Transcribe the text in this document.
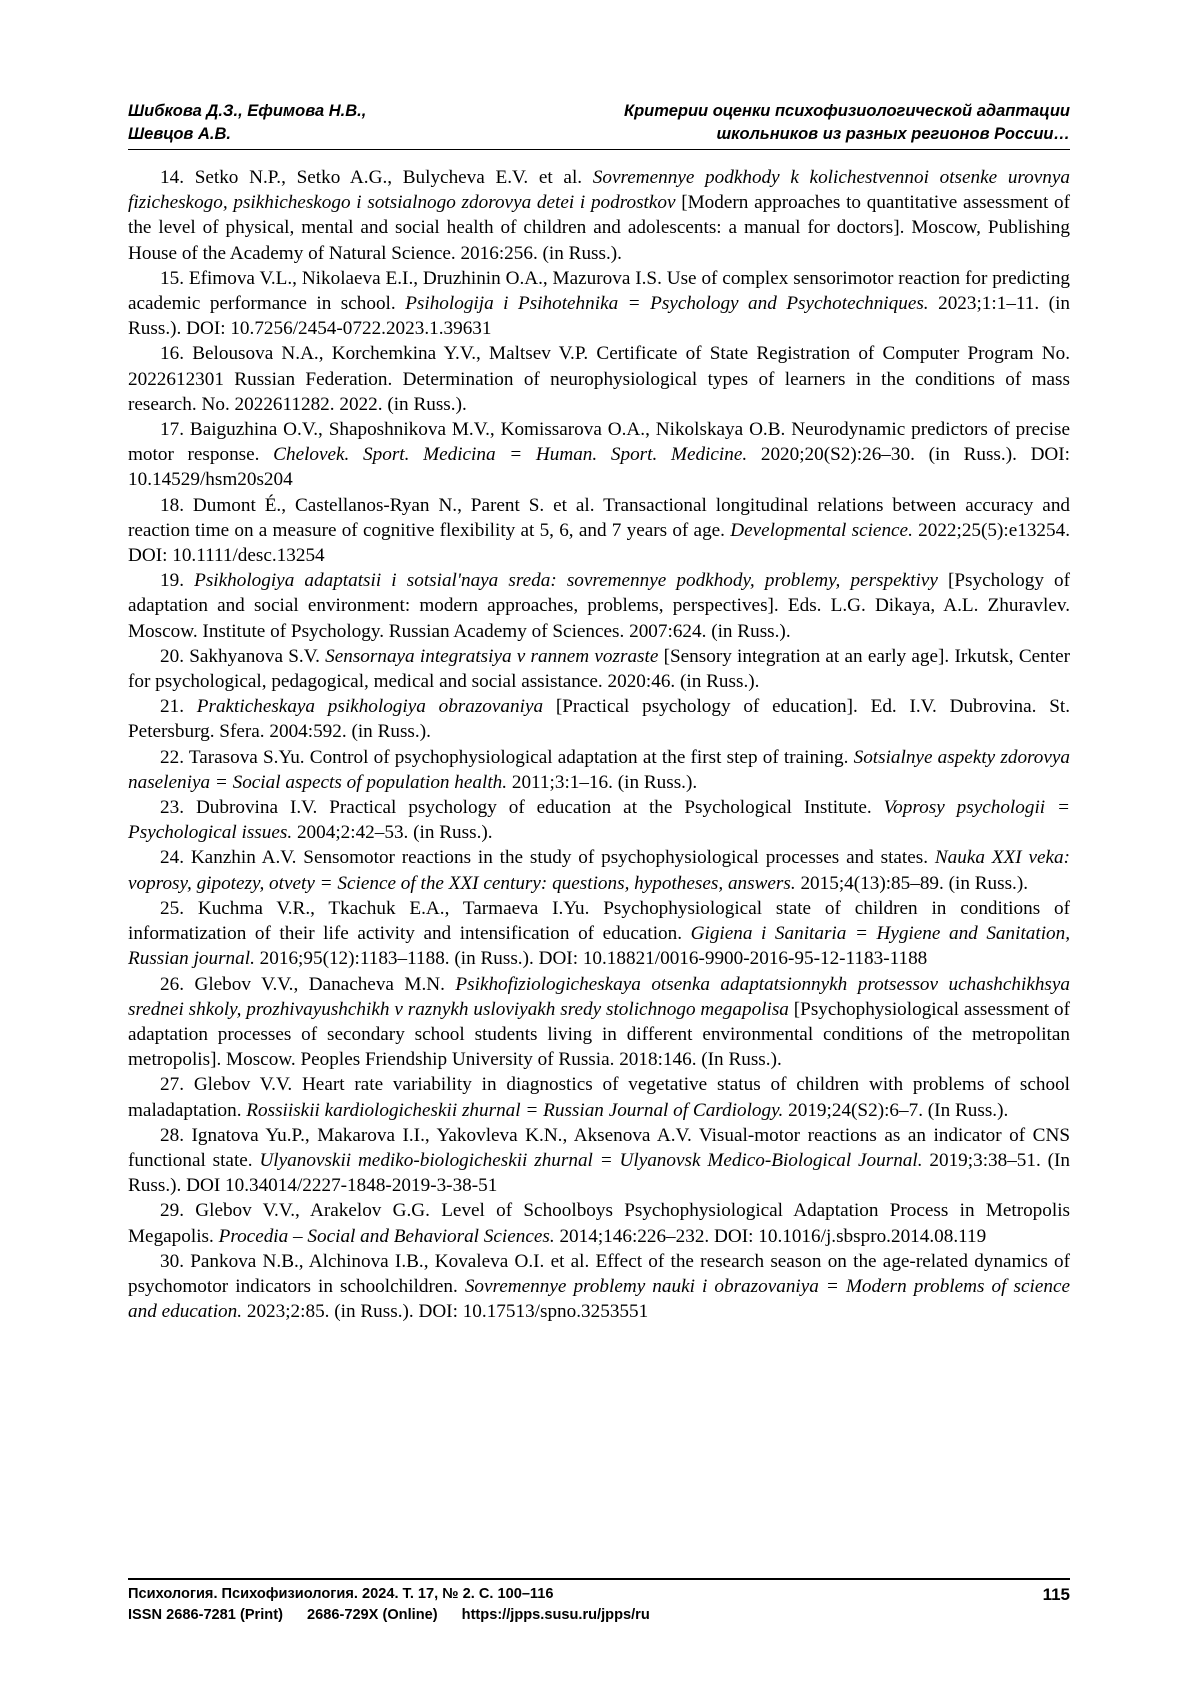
Шибкова Д.З., Ефимова Н.В.,
Шевцов А.В.
Критерии оценки психофизиологической адаптации
школьников из разных регионов России…

14. Setko N.P., Setko A.G., Bulycheva E.V. et al. Sovremennye podkhody k kolichestvennoi otsenke urovnya fizicheskogo, psikhicheskogo i sotsialnogo zdorovya detei i podrostkov [Modern approaches to quantitative assessment of the level of physical, mental and social health of children and adolescents: a manual for doctors]. Moscow, Publishing House of the Academy of Natural Science. 2016:256. (in Russ.).

15. Efimova V.L., Nikolaeva E.I., Druzhinin O.A., Mazurova I.S. Use of complex sensorimotor reaction for predicting academic performance in school. Psihologija i Psihotehnika = Psychology and Psychotechniques. 2023;1:1–11. (in Russ.). DOI: 10.7256/2454-0722.2023.1.39631

16. Belousova N.A., Korchemkina Y.V., Maltsev V.P. Certificate of State Registration of Computer Program No. 2022612301 Russian Federation. Determination of neurophysiological types of learners in the conditions of mass research. No. 2022611282. 2022. (in Russ.).

17. Baiguzhina O.V., Shaposhnikova M.V., Komissarova O.A., Nikolskaya O.B. Neurodynamic predictors of precise motor response. Chelovek. Sport. Medicina = Human. Sport. Medicine. 2020;20(S2):26–30. (in Russ.). DOI: 10.14529/hsm20s204

18. Dumont É., Castellanos-Ryan N., Parent S. et al. Transactional longitudinal relations between accuracy and reaction time on a measure of cognitive flexibility at 5, 6, and 7 years of age. Developmental science. 2022;25(5):e13254. DOI: 10.1111/desc.13254

19. Psikhologiya adaptatsii i sotsial'naya sreda: sovremennye podkhody, problemy, perspektivy [Psychology of adaptation and social environment: modern approaches, problems, perspectives]. Eds. L.G. Dikaya, A.L. Zhuravlev. Moscow. Institute of Psychology. Russian Academy of Sciences. 2007:624. (in Russ.).

20. Sakhyanova S.V. Sensornaya integratsiya v rannem vozraste [Sensory integration at an early age]. Irkutsk, Center for psychological, pedagogical, medical and social assistance. 2020:46. (in Russ.).

21. Prakticheskaya psikhologiya obrazovaniya [Practical psychology of education]. Ed. I.V. Dubrovina. St. Petersburg. Sfera. 2004:592. (in Russ.).

22. Tarasova S.Yu. Control of psychophysiological adaptation at the first step of training. Sotsialnye aspekty zdorovya naseleniya = Social aspects of population health. 2011;3:1–16. (in Russ.).

23. Dubrovina I.V. Practical psychology of education at the Psychological Institute. Voprosy psychologii = Psychological issues. 2004;2:42–53. (in Russ.).

24. Kanzhin A.V. Sensomotor reactions in the study of psychophysiological processes and states. Nauka XXI veka: voprosy, gipotezy, otvety = Science of the XXI century: questions, hypotheses, answers. 2015;4(13):85–89. (in Russ.).

25. Kuchma V.R., Tkachuk E.A., Tarmaeva I.Yu. Psychophysiological state of children in conditions of informatization of their life activity and intensification of education. Gigiena i Sanitaria = Hygiene and Sanitation, Russian journal. 2016;95(12):1183–1188. (in Russ.). DOI: 10.18821/0016-9900-2016-95-12-1183-1188

26. Glebov V.V., Danacheva M.N. Psikhofiziologicheskaya otsenka adaptatsionnykh protsessov uchashchikhsya srednei shkoly, prozhivayushchikh v raznykh usloviyakh sredy stolichnogo megapolisa [Psychophysiological assessment of adaptation processes of secondary school students living in different environmental conditions of the metropolitan metropolis]. Moscow. Peoples Friendship University of Russia. 2018:146. (In Russ.).

27. Glebov V.V. Heart rate variability in diagnostics of vegetative status of children with problems of school maladaptation. Rossiiskii kardiologicheskii zhurnal = Russian Journal of Cardiology. 2019;24(S2):6–7. (In Russ.).

28. Ignatova Yu.P., Makarova I.I., Yakovleva K.N., Aksenova A.V. Visual-motor reactions as an indicator of CNS functional state. Ulyanovskii mediko-biologicheskii zhurnal = Ulyanovsk Medico-Biological Journal. 2019;3:38–51. (In Russ.). DOI 10.34014/2227-1848-2019-3-38-51

29. Glebov V.V., Arakelov G.G. Level of Schoolboys Psychophysiological Adaptation Process in Metropolis Megapolis. Procedia – Social and Behavioral Sciences. 2014;146:226–232. DOI: 10.1016/j.sbspro.2014.08.119

30. Pankova N.B., Alchinova I.B., Kovaleva O.I. et al. Effect of the research season on the age-related dynamics of psychomotor indicators in schoolchildren. Sovremennye problemy nauki i obrazovaniya = Modern problems of science and education. 2023;2:85. (in Russ.). DOI: 10.17513/spno.3253551

Психология. Психофизиология. 2024. Т. 17, № 2. С. 100–116
ISSN 2686-7281 (Print) 2686-729X (Online) https://jpps.susu.ru/jpps/ru
115
